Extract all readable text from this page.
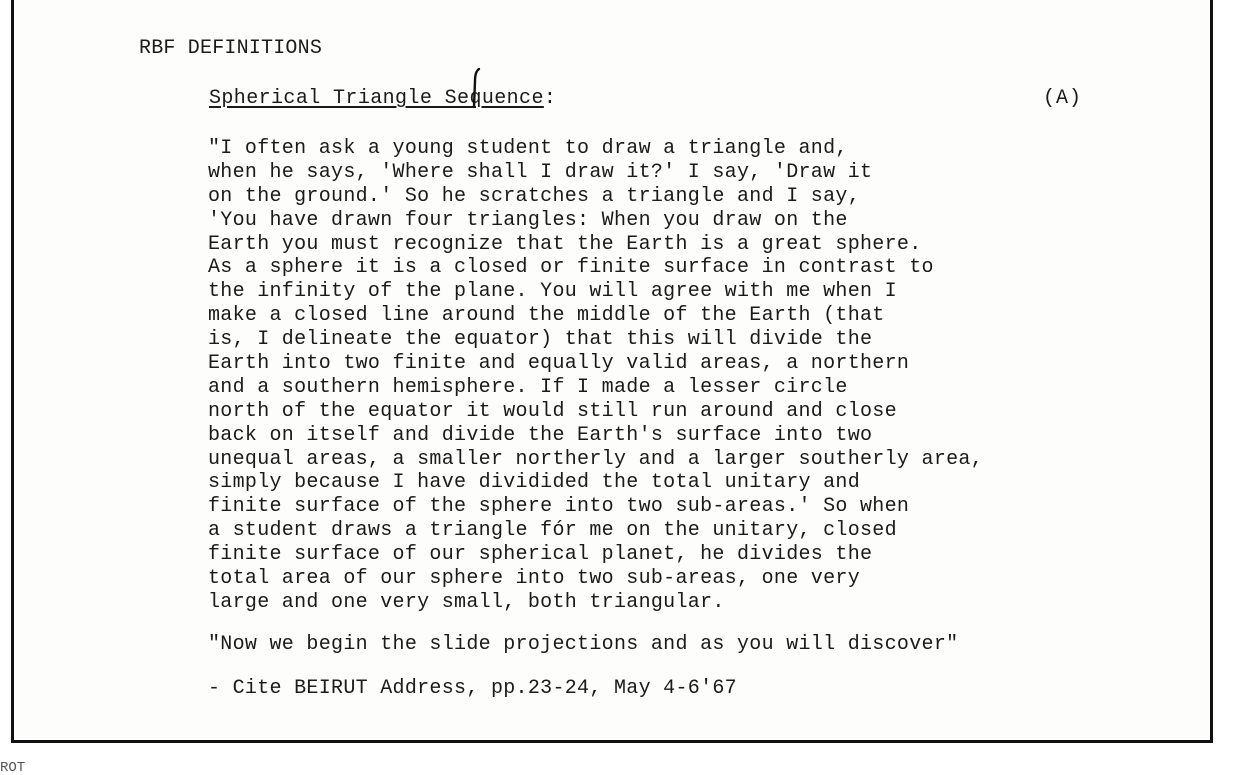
RBF DEFINITIONS
Spherical Triangle Sequence:	(A)
"I often ask a young student to draw a triangle and,
when he says, 'Where shall I draw it?' I say, 'Draw it
on the ground.' So he scratches a triangle and I say,
'You have drawn four triangles: When you draw on the
Earth you must recognize that the Earth is a great sphere.
As a sphere it is a closed or finite surface in contrast to
the infinity of the plane. You will agree with me when I
make a closed line around the middle of the Earth (that
is, I delineate the equator) that this will divide the
Earth into two finite and equally valid areas, a northern
and a southern hemisphere. If I made a lesser circle
north of the equator it would still run around and close
back on itself and divide the Earth's surface into two
unequal areas, a smaller northerly and a larger southerly area,
simply because I have dividided the total unitary and
finite surface of the sphere into two sub-areas.' So when
a student draws a triangle fór me on the unitary, closed
finite surface of our spherical planet, he divides the
total area of our sphere into two sub-areas, one very
large and one very small, both triangular.
"Now we begin the slide projections and as you will discover"
- Cite BEIRUT Address, pp.23-24, May 4-6'67
ROT
